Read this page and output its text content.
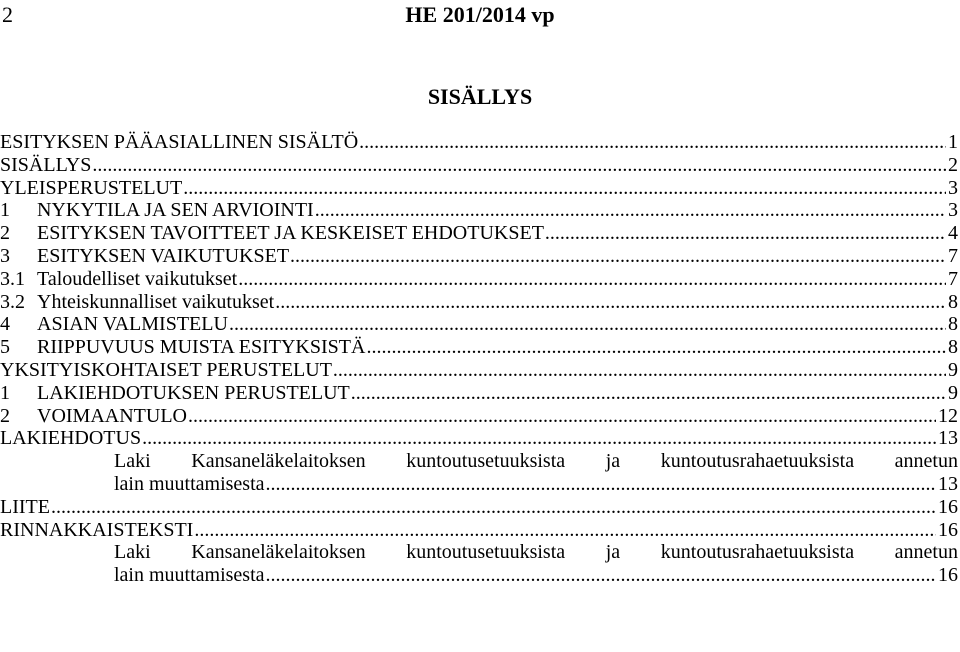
2	HE 201/2014 vp
SISÄLLYS
ESITYKSEN PÄÄASIALLINEN SISÄLTÖ .....	1
SISÄLLYS .....	2
YLEISPERUSTELUT .....	3
1	NYKYTILA JA SEN ARVIOINTI .....	3
2	ESITYKSEN TAVOITTEET JA KESKEISET EHDOTUKSET .....	4
3	ESITYKSEN VAIKUTUKSET .....	7
3.1 Taloudelliset vaikutukset .....	7
3.2 Yhteiskunnalliset vaikutukset .....	8
4	ASIAN VALMISTELU .....	8
5	RIIPPUVUUS MUISTA ESITYKSISTÄ .....	8
YKSITYISKOHTAISET PERUSTELUT .....	9
1	LAKIEHDOTUKSEN PERUSTELUT .....	9
2	VOIMAANTULO .....	12
LAKIEHDOTUS .....	13
Laki Kansaneläkelaitoksen kuntoutusetuuksista ja kuntoutusrahaetuuksista annetun
lain muuttamisesta .....	13
LIITE .....	16
RINNAKKAISTEKSTI .....	16
Laki Kansaneläkelaitoksen kuntoutusetuuksista ja kuntoutusrahaetuuksista annetun
lain muuttamisesta .....	16
